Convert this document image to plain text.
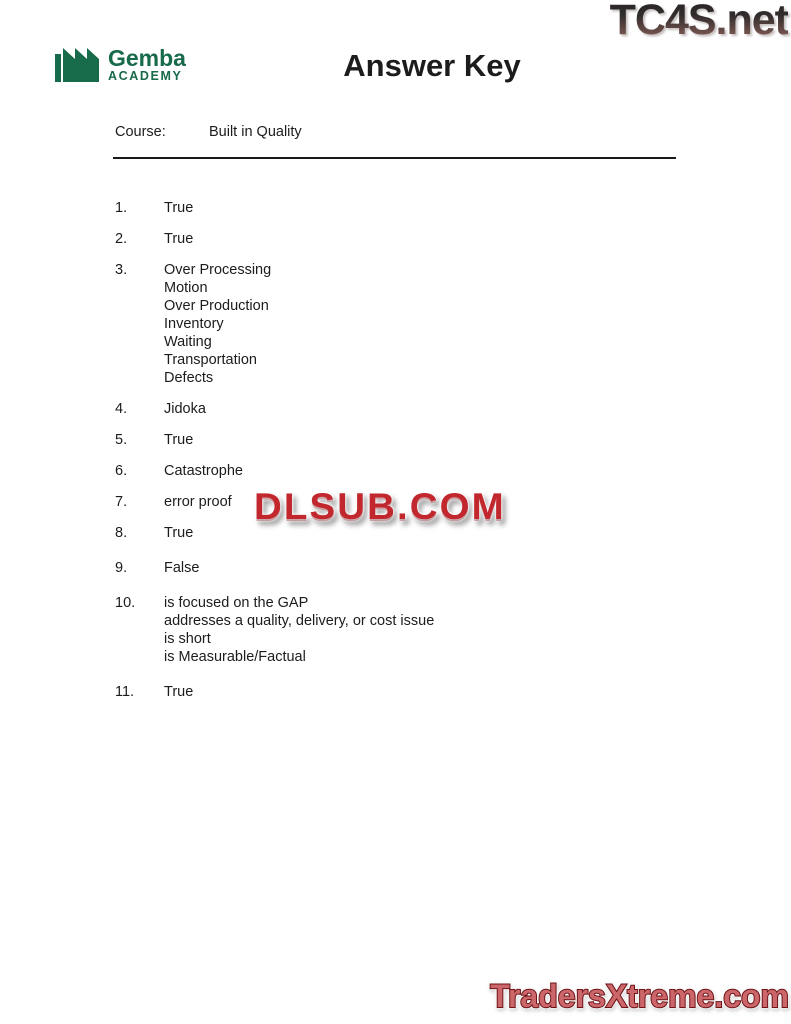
TC4S.net
Gemba
ACADEMY	Answer Key
Course:	Built in Quality
1.	True
2.	True
3.	Over Processing
Motion
Over Production
Inventory
Waiting
Transportation
Defects
4.	Jidoka
5.	True
6.	Catastrophe
7.	error proof
8.	True
9.	False
10.	is focused on the GAP
addresses a quality, delivery, or cost issue
is short
is Measurable/Factual
11.	True
DLSUB.COM
TradersXtreme.com
